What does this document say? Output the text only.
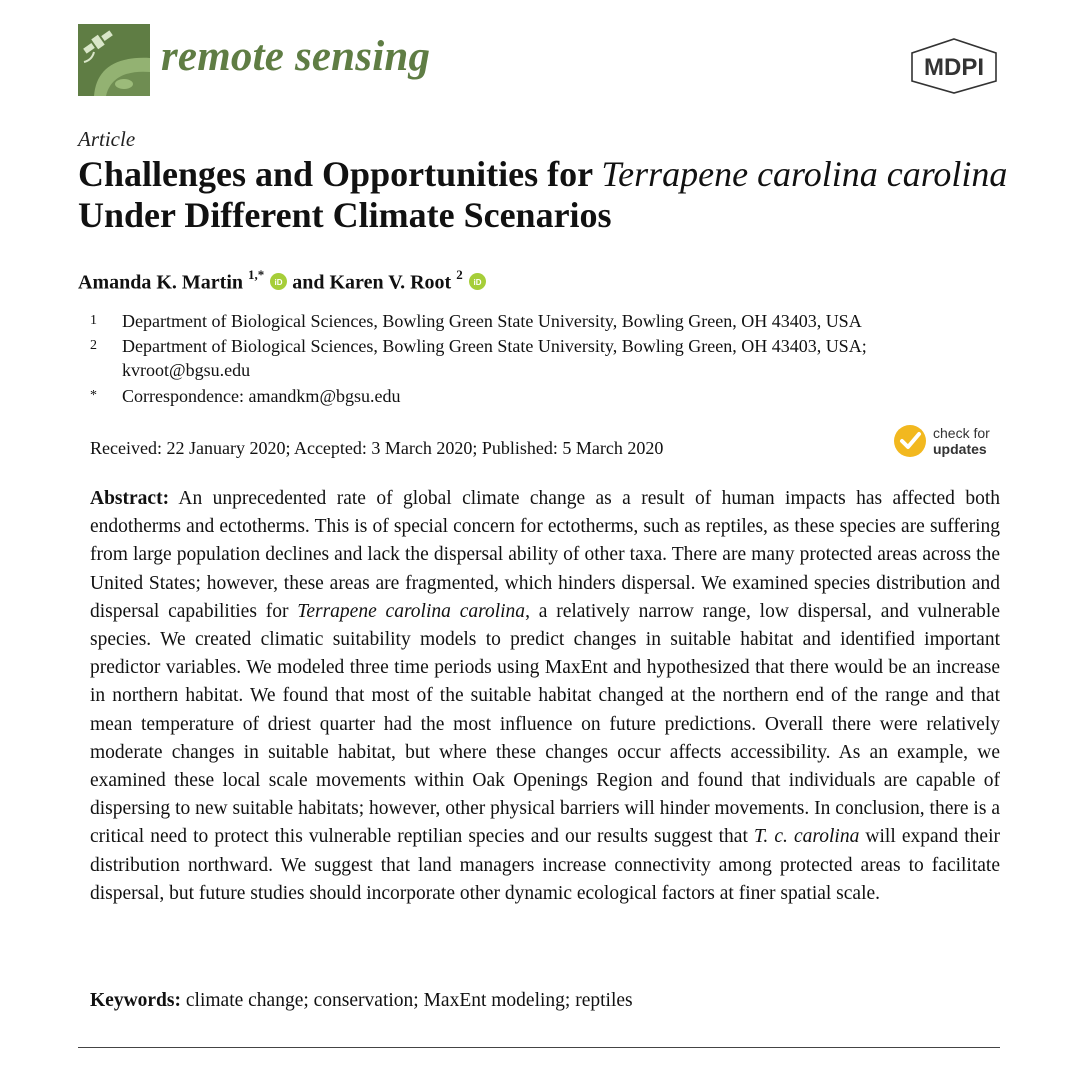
remote sensing	MDPI
Article
Challenges and Opportunities for Terrapene carolina carolina Under Different Climate Scenarios
Amanda K. Martin $^{1,*}$
iD and Karen V. Root $^2$
iD
1 Department of Biological Sciences, Bowling Green State University, Bowling Green, OH 43403, USA
2 Department of Biological Sciences, Bowling Green State University, Bowling Green, OH 43403, USA;
kvroot@bgsu.edu
* Correspondence: amandkm@bgsu.edu
Received: 22 January 2020; Accepted: 3 March 2020; Published: 5 March 2020
check for
updates

Abstract: An unprecedented rate of global climate change as a result of human impacts has affected both endotherms and ectotherms. This is of special concern for ectotherms, such as reptiles, as these species are suffering from large population declines and lack the dispersal ability of other taxa. There are many protected areas across the United States; however, these areas are fragmented, which hinders dispersal. We examined species distribution and dispersal capabilities for Terrapene carolina carolina, a relatively narrow range, low dispersal, and vulnerable species. We created climatic suitability models to predict changes in suitable habitat and identified important predictor variables. We modeled three time periods using MaxEnt and hypothesized that there would be an increase in northern habitat. We found that most of the suitable habitat changed at the northern end of the range and that mean temperature of driest quarter had the most influence on future predictions. Overall there were relatively moderate changes in suitable habitat, but where these changes occur affects accessibility. As an example, we examined these local scale movements within Oak Openings Region and found that individuals are capable of dispersing to new suitable habitats; however, other physical barriers will hinder movements. In conclusion, there is a critical need to protect this vulnerable reptilian species and our results suggest that T. c. carolina will expand their distribution northward. We suggest that land managers increase connectivity among protected areas to facilitate dispersal, but future studies should incorporate other dynamic ecological factors at finer spatial scale.

Keywords: climate change; conservation; MaxEnt modeling; reptiles
